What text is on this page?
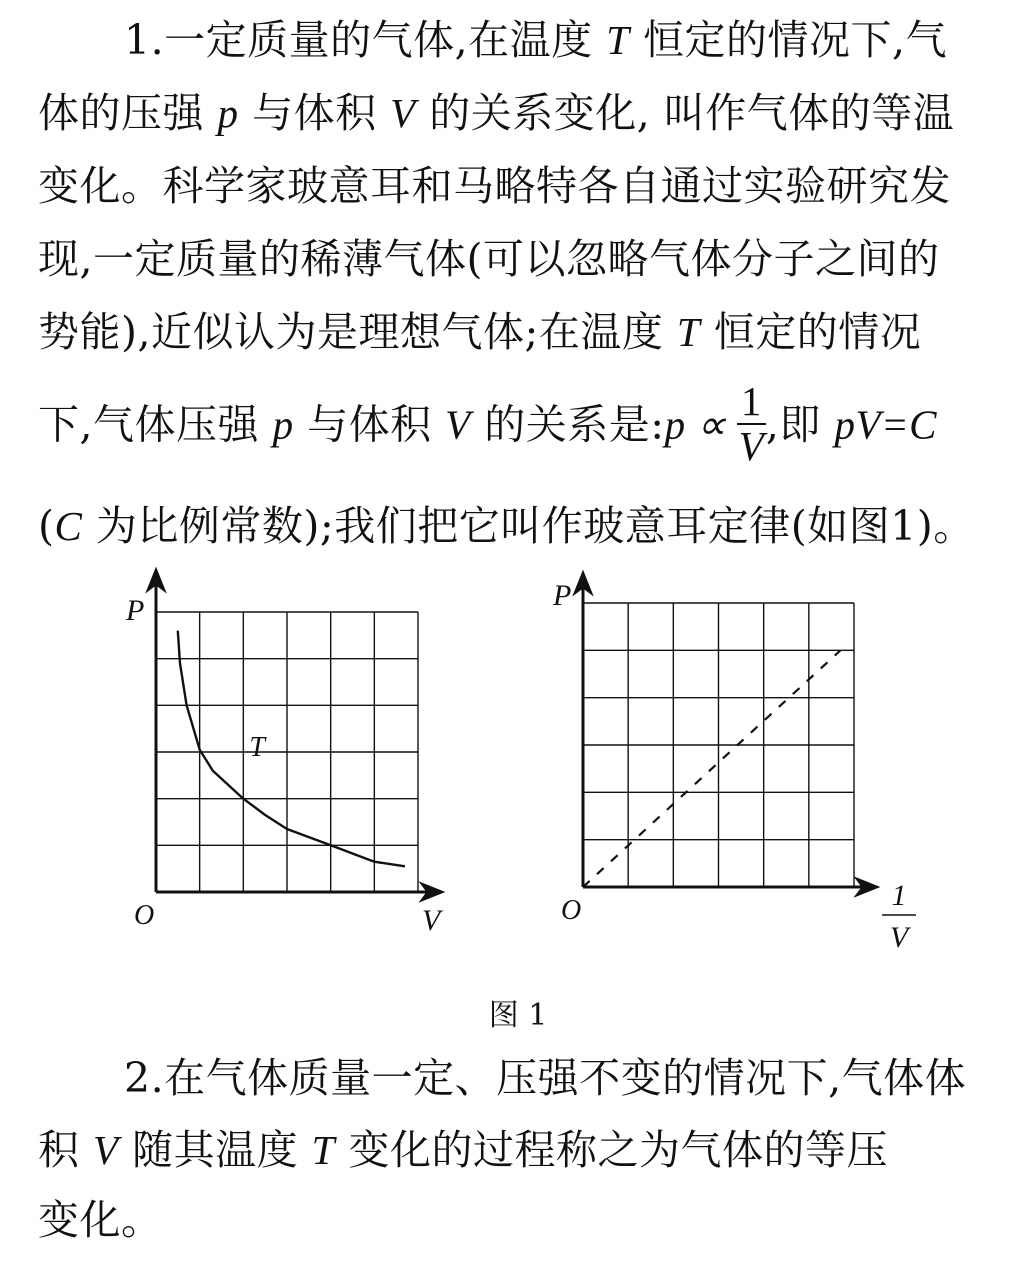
1.一定质量的气体,在温度 T 恒定的情况下,气
体的压强 p 与体积 V 的关系变化, 叫作气体的等温
变化。科学家玻意耳和马略特各自通过实验研究发
现,一定质量的稀薄气体(可以忽略气体分子之间的
势能),近似认为是理想气体;在温度 T 恒定的情况
下,气体压强 p 与体积 V 的关系是:p ∝ $\frac{1}{V}$ ,即 pV=C
(C 为比例常数);我们把它叫作玻意耳定律(如图1)。
P
O	V
T
P
O	1
V
图 1
2.在气体质量一定、压强不变的情况下,气体体
积 V 随其温度 T 变化的过程称之为气体的等压
变化。
